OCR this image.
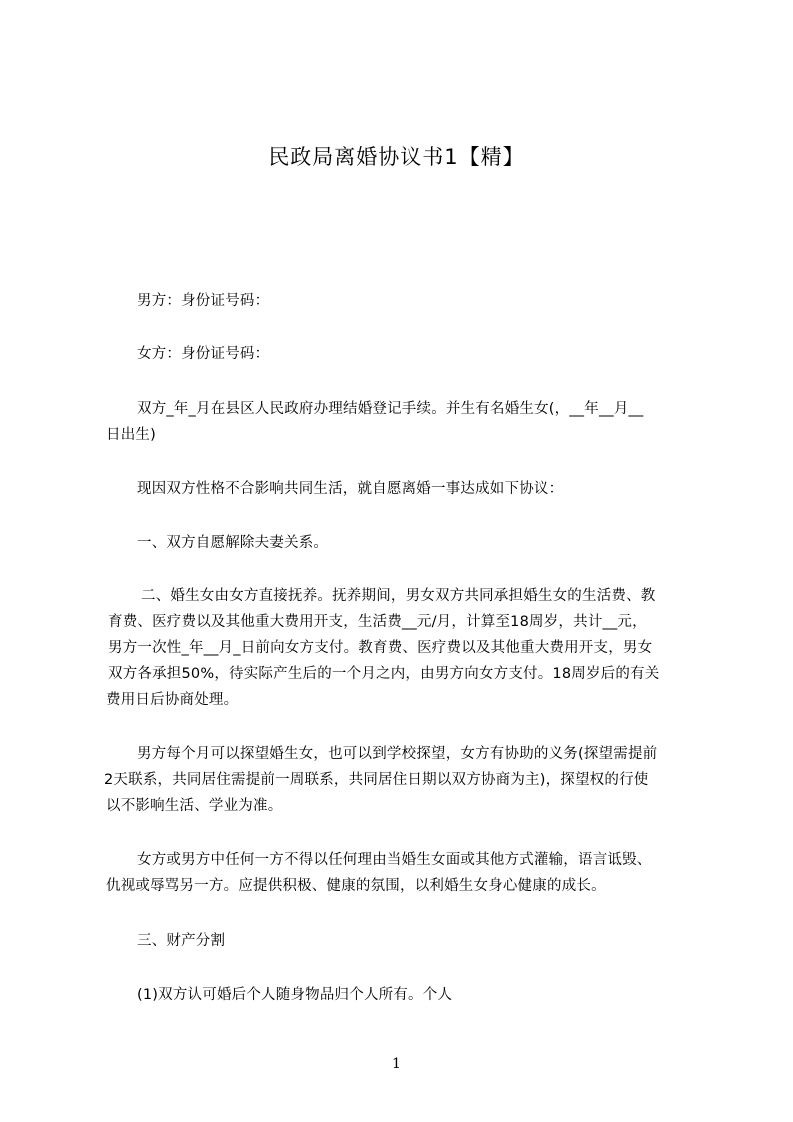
民政局离婚协议书1【精】
男方：身份证号码：
女方：身份证号码：
双方_年_月在县区人民政府办理结婚登记手续。并生有名婚生女(，__年__月__
日出生)
现因双方性格不合影响共同生活，就自愿离婚一事达成如下协议：
一、双方自愿解除夫妻关系。
二、婚生女由女方直接抚养。抚养期间，男女双方共同承担婚生女的生活费、教
育费、医疗费以及其他重大费用开支，生活费__元/月，计算至18周岁，共计__元，
男方一次性_年__月_日前向女方支付。教育费、医疗费以及其他重大费用开支，男女
双方各承担50%，待实际产生后的一个月之内，由男方向女方支付。18周岁后的有关
费用日后协商处理。
男方每个月可以探望婚生女，也可以到学校探望，女方有协助的义务(探望需提前
2天联系，共同居住需提前一周联系，共同居住日期以双方协商为主)，探望权的行使
以不影响生活、学业为准。
女方或男方中任何一方不得以任何理由当婚生女面或其他方式灌输，语言诋毁、
仇视或辱骂另一方。应提供积极、健康的氛围，以利婚生女身心健康的成长。
三、财产分割
(1)双方认可婚后个人随身物品归个人所有。个人
1
